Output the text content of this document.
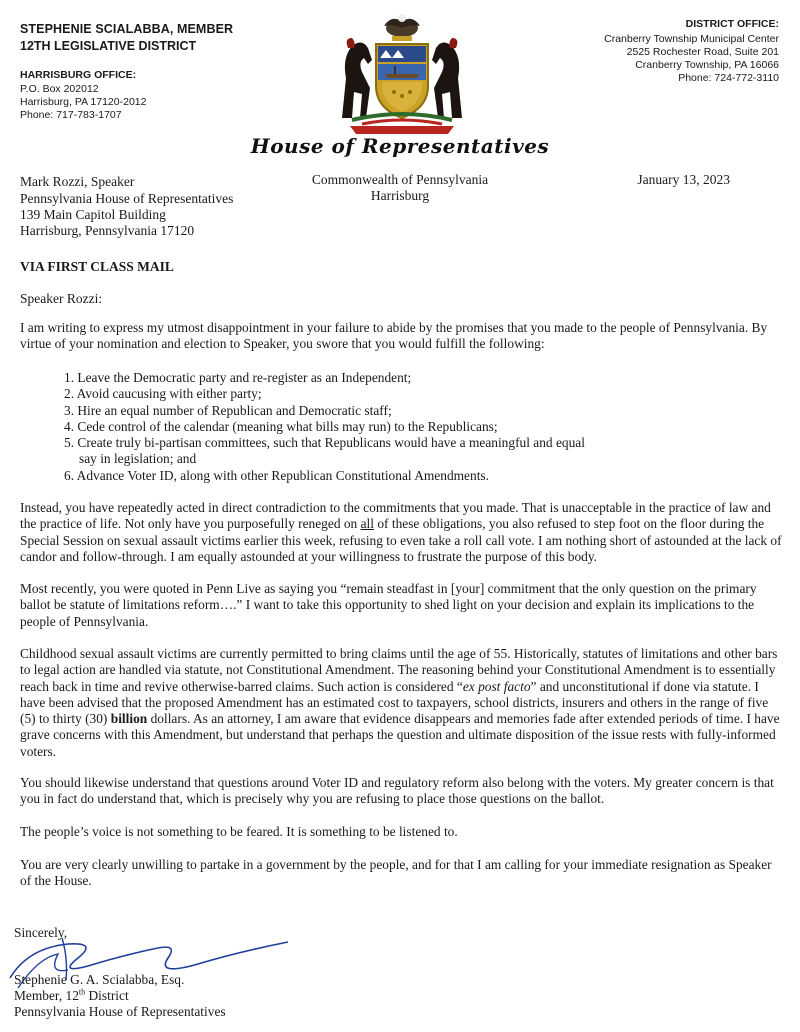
STEPHENIE SCIALABBA, MEMBER
12TH LEGISLATIVE DISTRICT
HARRISBURG OFFICE:
P.O. Box 202012
Harrisburg, PA 17120-2012
Phone: 717-783-1707
DISTRICT OFFICE:
Cranberry Township Municipal Center
2525 Rochester Road, Suite 201
Cranberry Township, PA 16066
Phone: 724-772-3110
House of Representatives
Commonwealth of Pennsylvania
Harrisburg
Mark Rozzi, Speaker
Pennsylvania House of Representatives
139 Main Capitol Building
Harrisburg, Pennsylvania 17120
January 13, 2023
VIA FIRST CLASS MAIL
Speaker Rozzi:

I am writing to express my utmost disappointment in your failure to abide by the promises that you made to the people of Pennsylvania. By virtue of your nomination and election to Speaker, you swore that you would fulfill the following:

1. Leave the Democratic party and re-register as an Independent;
2. Avoid caucusing with either party;
3. Hire an equal number of Republican and Democratic staff;
4. Cede control of the calendar (meaning what bills may run) to the Republicans;
5. Create truly bi-partisan committees, such that Republicans would have a meaningful and equal
say in legislation; and
6. Advance Voter ID, along with other Republican Constitutional Amendments.

Instead, you have repeatedly acted in direct contradiction to the commitments that you made. That is unacceptable in the practice of law and the practice of life. Not only have you purposefully reneged on all of these obligations, you also refused to step foot on the floor during the Special Session on sexual assault victims earlier this week, refusing to even take a roll call vote. I am nothing short of astounded at the lack of candor and follow-through. I am equally astounded at your willingness to frustrate the purpose of this body.

Most recently, you were quoted in Penn Live as saying you “remain steadfast in [your] commitment that the only question on the primary ballot be statute of limitations reform….” I want to take this opportunity to shed light on your decision and explain its implications to the people of Pennsylvania.

Childhood sexual assault victims are currently permitted to bring claims until the age of 55. Historically, statutes of limitations and other bars to legal action are handled via statute, not Constitutional Amendment. The reasoning behind your Constitutional Amendment is to essentially reach back in time and revive otherwise-barred claims. Such action is considered “ex post facto” and unconstitutional if done via statute. I have been advised that the proposed Amendment has an estimated cost to taxpayers, school districts, insurers and others in the range of five (5) to thirty (30) billion dollars. As an attorney, I am aware that evidence disappears and memories fade after extended periods of time. I have grave concerns with this Amendment, but understand that perhaps the question and ultimate disposition of the issue rests with fully-informed voters.

You should likewise understand that questions around Voter ID and regulatory reform also belong with the voters. My greater concern is that you in fact do understand that, which is precisely why you are refusing to place those questions on the ballot.

The people’s voice is not something to be feared. It is something to be listened to.

You are very clearly unwilling to partake in a government by the people, and for that I am calling for your immediate resignation as Speaker of the House.

Sincerely,
Stephenie G. A. Scialabba, Esq.
Member, 12th District
Pennsylvania House of Representatives
